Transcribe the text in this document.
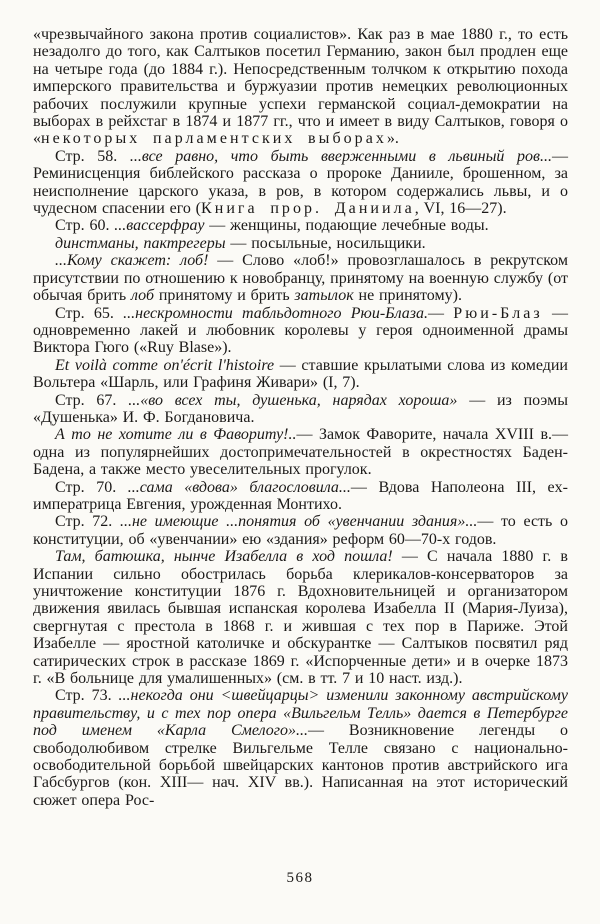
«чрезвычайного закона против социалистов». Как раз в мае 1880 г., то есть незадолго до того, как Салтыков посетил Германию, закон был продлен еще на четыре года (до 1884 г.). Непосредственным толчком к открытию похода имперского правительства и буржуазии против немецких революционных рабочих послужили крупные успехи германской социал-демократии на выборах в рейхстаг в 1874 и 1877 гг., что и имеет в виду Салтыков, говоря о «некоторых парламентских выборах».

Стр. 58. ...все равно, что быть вверженными в львиный ров...— Реминисценция библейского рассказа о пророке Данииле, брошенном, за неисполнение царского указа, в ров, в котором содержались львы, и о чудесном спасении его (Книга прор. Даниила, VI, 16—27).

Стр. 60. ...вассерфрау — женщины, подающие лечебные воды.

динстманы, пактрегеры — посыльные, носильщики.

...Кому скажет: лоб! — Слово «лоб!» провозглашалось в рекрутском присутствии по отношению к новобранцу, принятому на военную службу (от обычая брить лоб принятому и брить затылок не принятому).

Стр. 65. ...нескромности табльдотного Рюи-Блаза.— Рюи-Блаз — одновременно лакей и любовник королевы у героя одноименной драмы Виктора Гюго («Ruy Blase»).

Et voilà comme on'écrit l'histoire — ставшие крылатыми слова из комедии Вольтера «Шарль, или Графиня Живари» (I, 7).

Стр. 67. ...«во всех ты, душенька, нарядах хороша» — из поэмы «Душенька» И. Ф. Богдановича.

А то не хотите ли в Фавориту!..— Замок Фаворите, начала XVIII в.— одна из популярнейших достопримечательностей в окрестностях Баден-Бадена, а также место увеселительных прогулок.

Стр. 70. ...сама «вдова» благословила...— Вдова Наполеона III, ex-императрица Евгения, урожденная Монтихо.

Стр. 72. ...не имеющие ...понятия об «увенчании здания»...— то есть о конституции, об «увенчании» ею «здания» реформ 60—70-х годов.

Там, батюшка, нынче Изабелла в ход пошла! — С начала 1880 г. в Испании сильно обострилась борьба клерикалов-консерваторов за уничтожение конституции 1876 г. Вдохновительницей и организатором движения явилась бывшая испанская королева Изабелла II (Мария-Луиза), свергнутая с престола в 1868 г. и жившая с тех пор в Париже. Этой Изабелле — яростной католичке и обскурантке — Салтыков посвятил ряд сатирических строк в рассказе 1869 г. «Испорченные дети» и в очерке 1873 г. «В больнице для умалишенных» (см. в тт. 7 и 10 наст. изд.).

Стр. 73. ...некогда они <швейцарцы> изменили законному австрийскому правительству, и с тех пор опера «Вильгельм Телль» дается в Петербурге под именем «Карла Смелого»...— Возникновение легенды о свободолюбивом стрелке Вильгельме Телле связано с национально-освободительной борьбой швейцарских кантонов против австрийского ига Габсбургов (кон. XIII— нач. XIV вв.). Написанная на этот исторический сюжет опера Рос-

568
